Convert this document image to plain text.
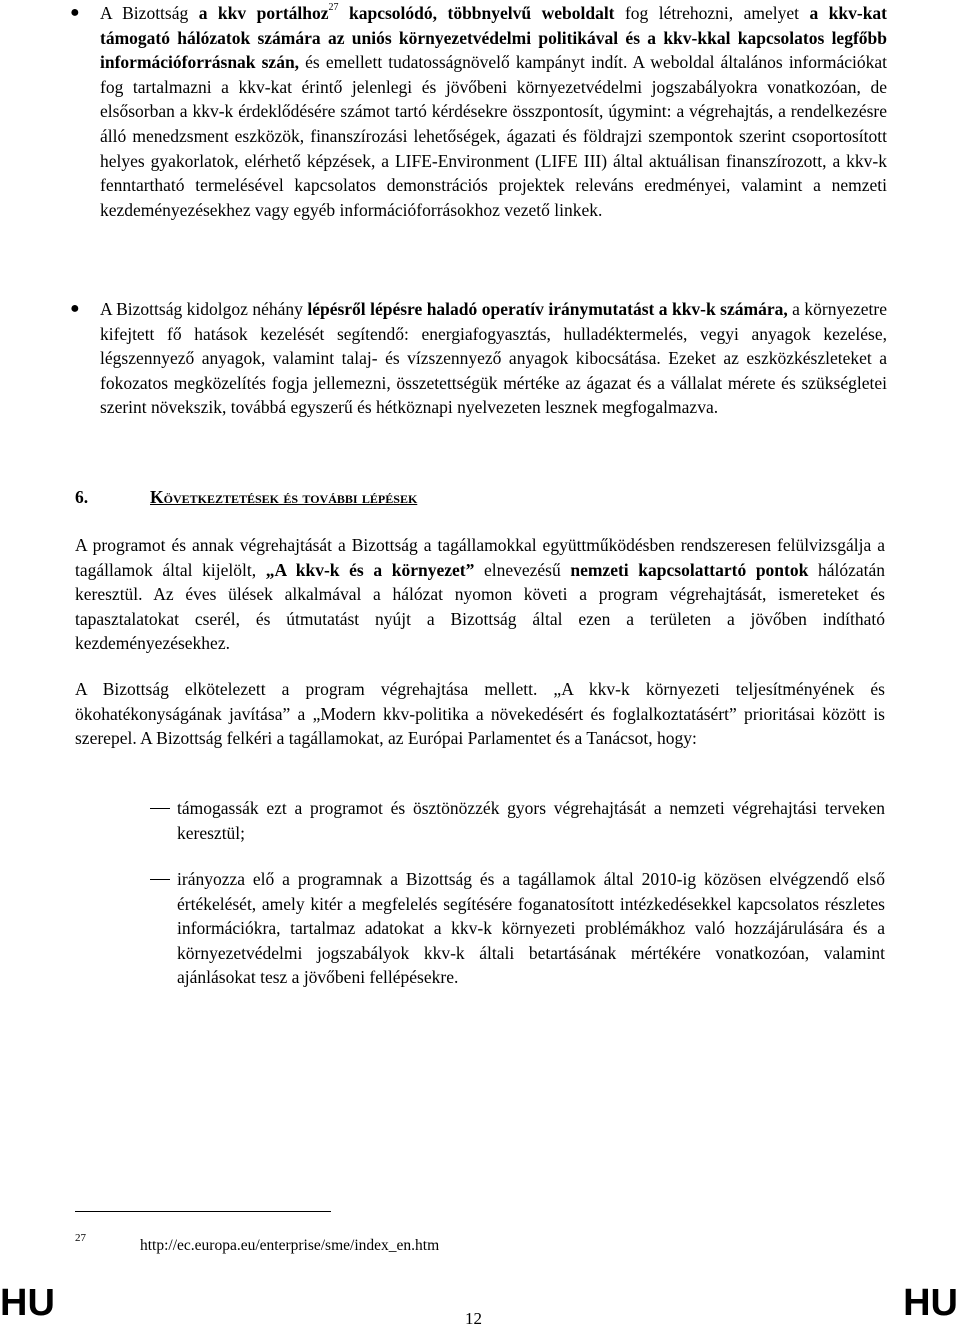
● A Bizottság a kkv portálhoz$^{27}$ kapcsolódó, többnyelvű weboldalt fog létrehozni, amelyet a kkv-kat támogató hálózatok számára az uniós környezetvédelmi politikával és a kkv-kkal kapcsolatos legfőbb információforrásnak szán, és emellett tudatosságnövelő kampányt indít. A weboldal általános információkat fog tartalmazni a kkv-kat érintő jelenlegi és jövőbeni környezetvédelmi jogszabályokra vonatkozóan, de elsősorban a kkv-k érdeklődésére számot tartó kérdésekre összpontosít, úgymint: a végrehajtás, a rendelkezésre álló menedzsment eszközök, finanszírozási lehetőségek, ágazati és földrajzi szempontok szerint csoportosított helyes gyakorlatok, elérhető képzések, a LIFE-Environment (LIFE III) által aktuálisan finanszírozott, a kkv-k fenntartható termelésével kapcsolatos demonstrációs projektek releváns eredményei, valamint a nemzeti kezdeményezésekhez vagy egyéb információforrásokhoz vezető linkek.
● A Bizottság kidolgoz néhány lépésről lépésre haladó operatív iránymutatást a kkv-k számára, a környezetre kifejtett fő hatások kezelését segítendő: energiafogyasztás, hulladéktermelés, vegyi anyagok kezelése, légszennyező anyagok, valamint talaj- és vízszennyező anyagok kibocsátása. Ezeket az eszközkészleteket a fokozatos megközelítés fogja jellemezni, összetettségük mértéke az ágazat és a vállalat mérete és szükségletei szerint növekszik, továbbá egyszerű és hétköznapi nyelvezeten lesznek megfogalmazva.
6.	Következtetések és további lépések
A programot és annak végrehajtását a Bizottság a tagállamokkal együttműködésben rendszeresen felülvizsgálja a tagállamok által kijelölt, „A kkv-k és a környezet” elnevezésű nemzeti kapcsolattartó pontok hálózatán keresztül. Az éves ülések alkalmával a hálózat nyomon követi a program végrehajtását, ismereteket és tapasztalatokat cserél, és útmutatást nyújt a Bizottság által ezen a területen a jövőben indítható kezdeményezésekhez.
A Bizottság elkötelezett a program végrehajtása mellett. „A kkv-k környezeti teljesítményének és ökohatékonyságának javítása” a „Modern kkv-politika a növekedésért és foglalkoztatásért” prioritásai között is szerepel. A Bizottság felkéri a tagállamokat, az Európai Parlamentet és a Tanácsot, hogy:
támogassák ezt a programot és ösztönözzék gyors végrehajtását a nemzeti végrehajtási terveken keresztül;
irányozza elő a programnak a Bizottság és a tagállamok által 2010-ig közösen elvégzendő első értékelését, amely kitér a megfelelés segítésére foganatosított intézkedésekkel kapcsolatos részletes információkra, tartalmaz adatokat a kkv-k környezeti problémákhoz való hozzájárulására és a környezetvédelmi jogszabályok kkv-k általi betartásának mértékére vonatkozóan, valamint ajánlásokat tesz a jövőbeni fellépésekre.
27	http://ec.europa.eu/enterprise/sme/index_en.htm
HU	12	HU
